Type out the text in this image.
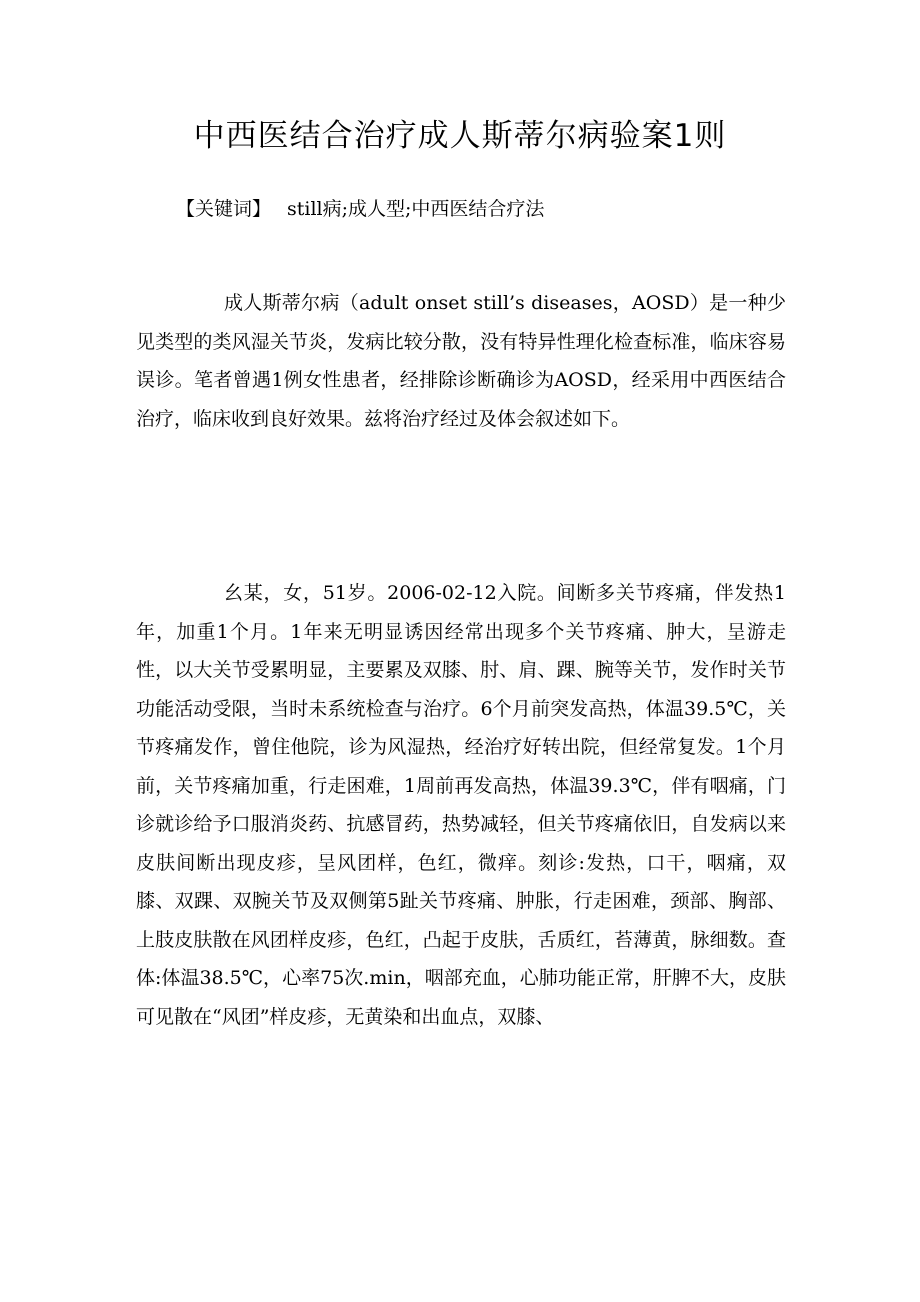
中西医结合治疗成人斯蒂尔病验案1则
【关键词】 still病;成人型;中西医结合疗法

成人斯蒂尔病（adult onset still’s diseases，AOSD）是一种少见类型的类风湿关节炎，发病比较分散，没有特异性理化检查标准，临床容易误诊。笔者曾遇1例女性患者，经排除诊断确诊为AOSD，经采用中西医结合治疗，临床收到良好效果。兹将治疗经过及体会叙述如下。

幺某，女，51岁。2006-02-12入院。间断多关节疼痛，伴发热1年，加重1个月。1年来无明显诱因经常出现多个关节疼痛、肿大，呈游走性，以大关节受累明显，主要累及双膝、肘、肩、踝、腕等关节，发作时关节功能活动受限，当时未系统检查与治疗。6个月前突发高热，体温39.5℃，关节疼痛发作，曾住他院，诊为风湿热，经治疗好转出院，但经常复发。1个月前，关节疼痛加重，行走困难，1周前再发高热，体温39.3℃，伴有咽痛，门诊就诊给予口服消炎药、抗感冒药，热势减轻，但关节疼痛依旧，自发病以来皮肤间断出现皮疹，呈风团样，色红，微痒。刻诊:发热，口干，咽痛，双膝、双踝、双腕关节及双侧第5趾关节疼痛、肿胀，行走困难，颈部、胸部、上肢皮肤散在风团样皮疹，色红，凸起于皮肤，舌质红，苔薄黄，脉细数。查体:体温38.5℃，心率75次.min，咽部充血，心肺功能正常，肝脾不大，皮肤可见散在“风团”样皮疹，无黄染和出血点，双膝、
